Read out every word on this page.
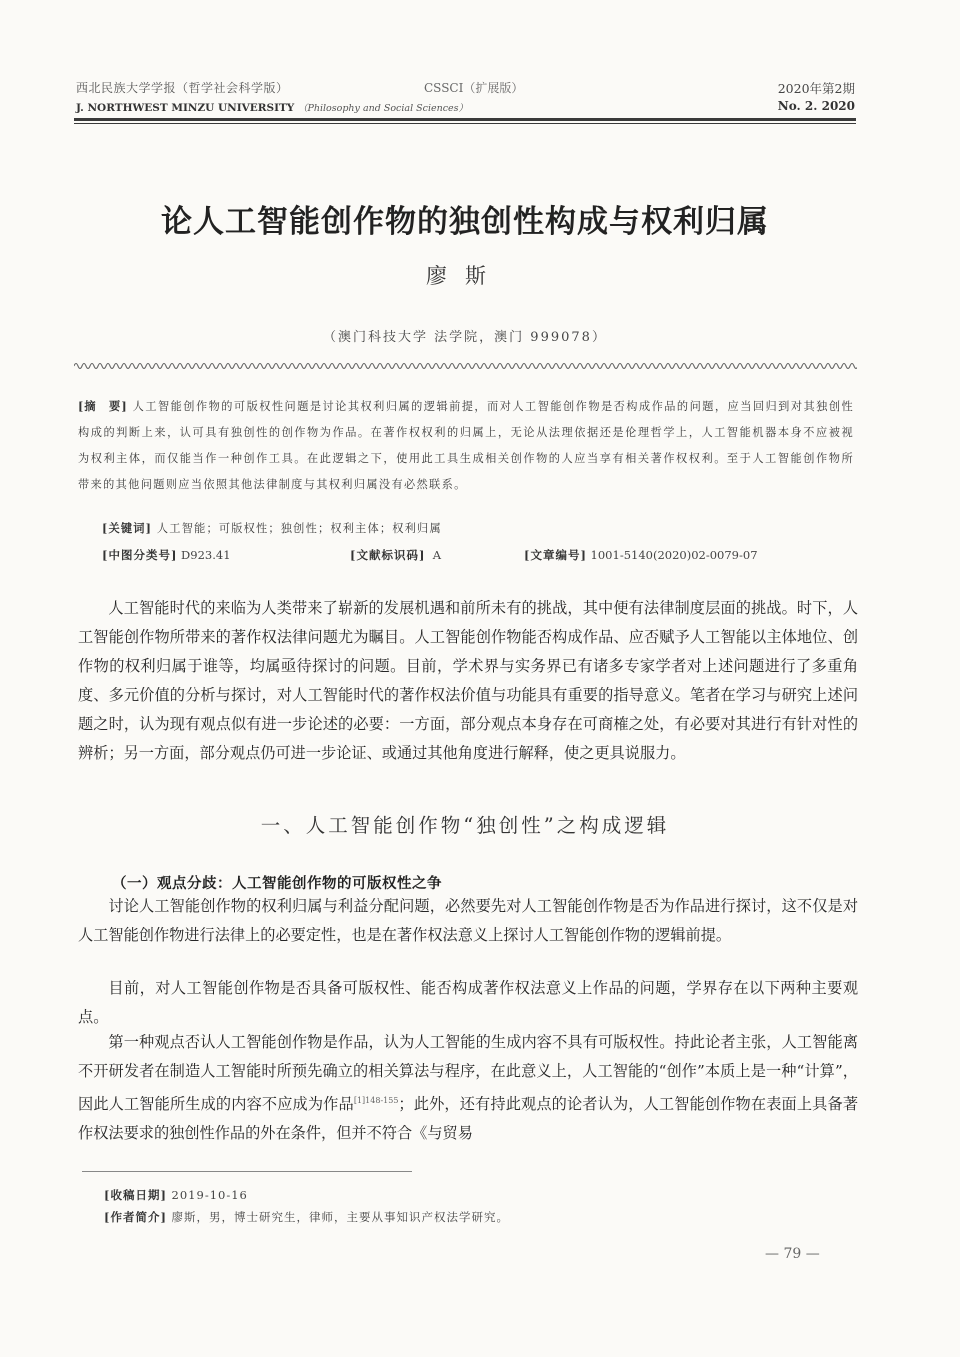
西北民族大学学报（哲学社会科学版）
J. NORTHWEST MINZU UNIVERSITY （Philosophy and Social Sciences）
CSSCI（扩展版）	2020年第2期
No. 2. 2020
论人工智能创作物的独创性构成与权利归属
廖斯
（澳门科技大学 法学院，澳门 999078）
[摘　要] 人工智能创作物的可版权性问题是讨论其权利归属的逻辑前提，而对人工智能创作物是否构成作品的问题，应当回归到对其独创性构成的判断上来，认可具有独创性的创作物为作品。在著作权权利的归属上，无论从法理依据还是伦理哲学上，人工智能机器本身不应被视为权利主体，而仅能当作一种创作工具。在此逻辑之下，使用此工具生成相关创作物的人应当享有相关著作权权利。至于人工智能创作物所带来的其他问题则应当依照其他法律制度与其权利归属没有必然联系。
[关键词] 人工智能；可版权性；独创性；权利主体；权利归属
[中图分类号] D923.41	[文献标识码] A	[文章编号] 1001-5140(2020)02-0079-07

人工智能时代的来临为人类带来了崭新的发展机遇和前所未有的挑战，其中便有法律制度层面的挑战。时下，人工智能创作物所带来的著作权法律问题尤为瞩目。人工智能创作物能否构成作品、应否赋予人工智能以主体地位、创作物的权利归属于谁等，均属亟待探讨的问题。目前，学术界与实务界已有诸多专家学者对上述问题进行了多重角度、多元价值的分析与探讨，对人工智能时代的著作权法价值与功能具有重要的指导意义。笔者在学习与研究上述问题之时，认为现有观点似有进一步论述的必要：一方面，部分观点本身存在可商榷之处，有必要对其进行有针对性的辨析；另一方面，部分观点仍可进一步论证、或通过其他角度进行解释，使之更具说服力。

一、人工智能创作物“独创性”之构成逻辑
（一）观点分歧：人工智能创作物的可版权性之争

讨论人工智能创作物的权利归属与利益分配问题，必然要先对人工智能创作物是否为作品进行探讨，这不仅是对人工智能创作物进行法律上的必要定性，也是在著作权法意义上探讨人工智能创作物的逻辑前提。

目前，对人工智能创作物是否具备可版权性、能否构成著作权法意义上作品的问题，学界存在以下两种主要观点。

第一种观点否认人工智能创作物是作品，认为人工智能的生成内容不具有可版权性。持此论者主张，人工智能离不开研发者在制造人工智能时所预先确立的相关算法与程序，在此意义上，人工智能的“创作”本质上是一种“计算”，因此人工智能所生成的内容不应成为作品$^{[1]148-155}$；此外，还有持此观点的论者认为，人工智能创作物在表面上具备著作权法要求的独创性作品的外在条件，但并不符合《与贸易

[收稿日期] 2019-10-16
[作者简介] 廖斯，男，博士研究生，律师，主要从事知识产权法学研究。
— 79 —
